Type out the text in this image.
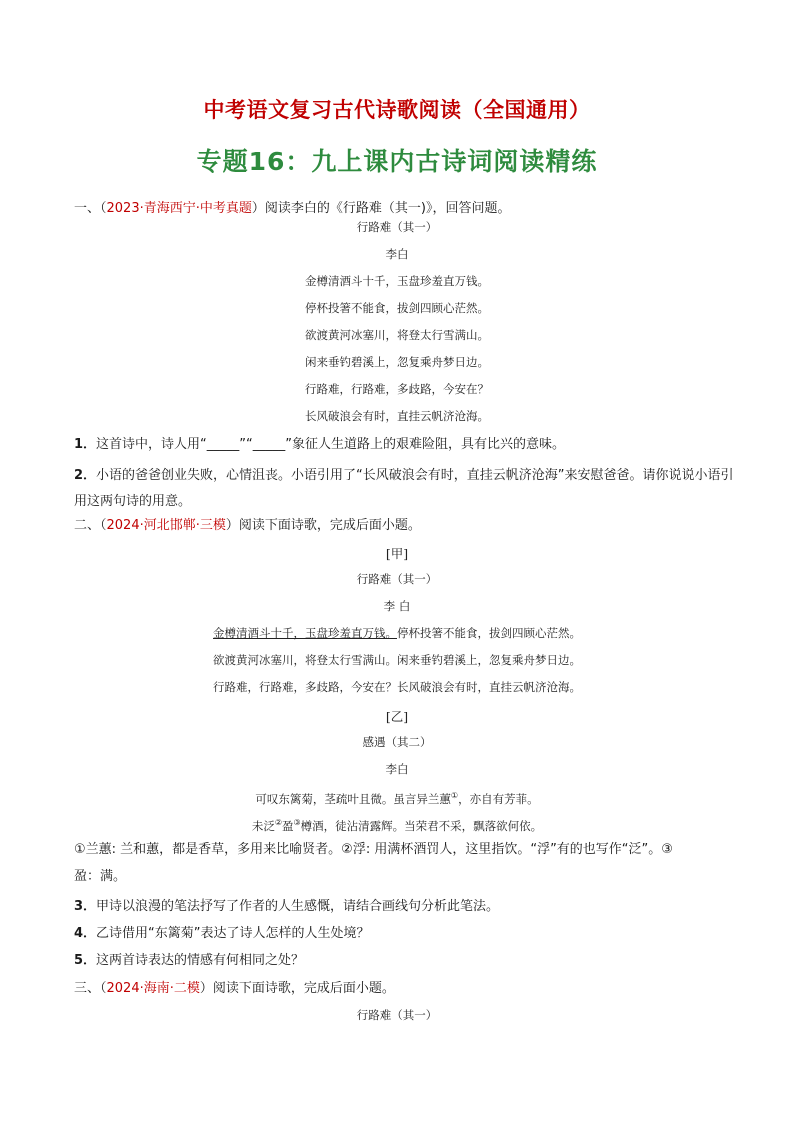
中考语文复习古代诗歌阅读（全国通用）
专题16：九上课内古诗词阅读精练
一、（2023·青海西宁·中考真题）阅读李白的《行路难（其一)》，回答问题。
行路难（其一）
李白
金樽清酒斗十千，玉盘珍羞直万钱。
停杯投箸不能食，拔剑四顾心茫然。
欲渡黄河冰塞川，将登太行雪满山。
闲来垂钓碧溪上，忽复乘舟梦日边。
行路难，行路难，多歧路，今安在？
长风破浪会有时，直挂云帆济沧海。
1．这首诗中，诗人用“_____”“_____”象征人生道路上的艰难险阻，具有比兴的意味。
2．小语的爸爸创业失败，心情沮丧。小语引用了“长风破浪会有时，直挂云帆济沧海”来安慰爸爸。请你说说小语引用这两句诗的用意。
二、（2024·河北邯郸·三模）阅读下面诗歌，完成后面小题。
[甲]
行路难（其一）
李 白
金樽清酒斗十千，玉盘珍羞直万钱。停杯投箸不能食，拔剑四顾心茫然。
欲渡黄河冰塞川，将登太行雪满山。闲来垂钓碧溪上，忽复乘舟梦日边。
行路难，行路难，多歧路，今安在？长风破浪会有时，直挂云帆济沧海。
[乙]
感遇（其二）
李白
可叹东篱菊，茎疏叶且微。虽言异兰蕙①，亦自有芳菲。
未泛②盈③樽酒，徒沾清露辉。当荣君不采，飘落欲何依。
①兰蕙: 兰和蕙，都是香草，多用来比喻贤者。②浮: 用满杯酒罚人，这里指饮。“浮”有的也写作“泛”。③
盈：满。
3．甲诗以浪漫的笔法抒写了作者的人生感慨，请结合画线句分析此笔法。
4．乙诗借用“东篱菊”表达了诗人怎样的人生处境？
5．这两首诗表达的情感有何相同之处？
三、（2024·海南·二模）阅读下面诗歌，完成后面小题。
行路难（其一）
